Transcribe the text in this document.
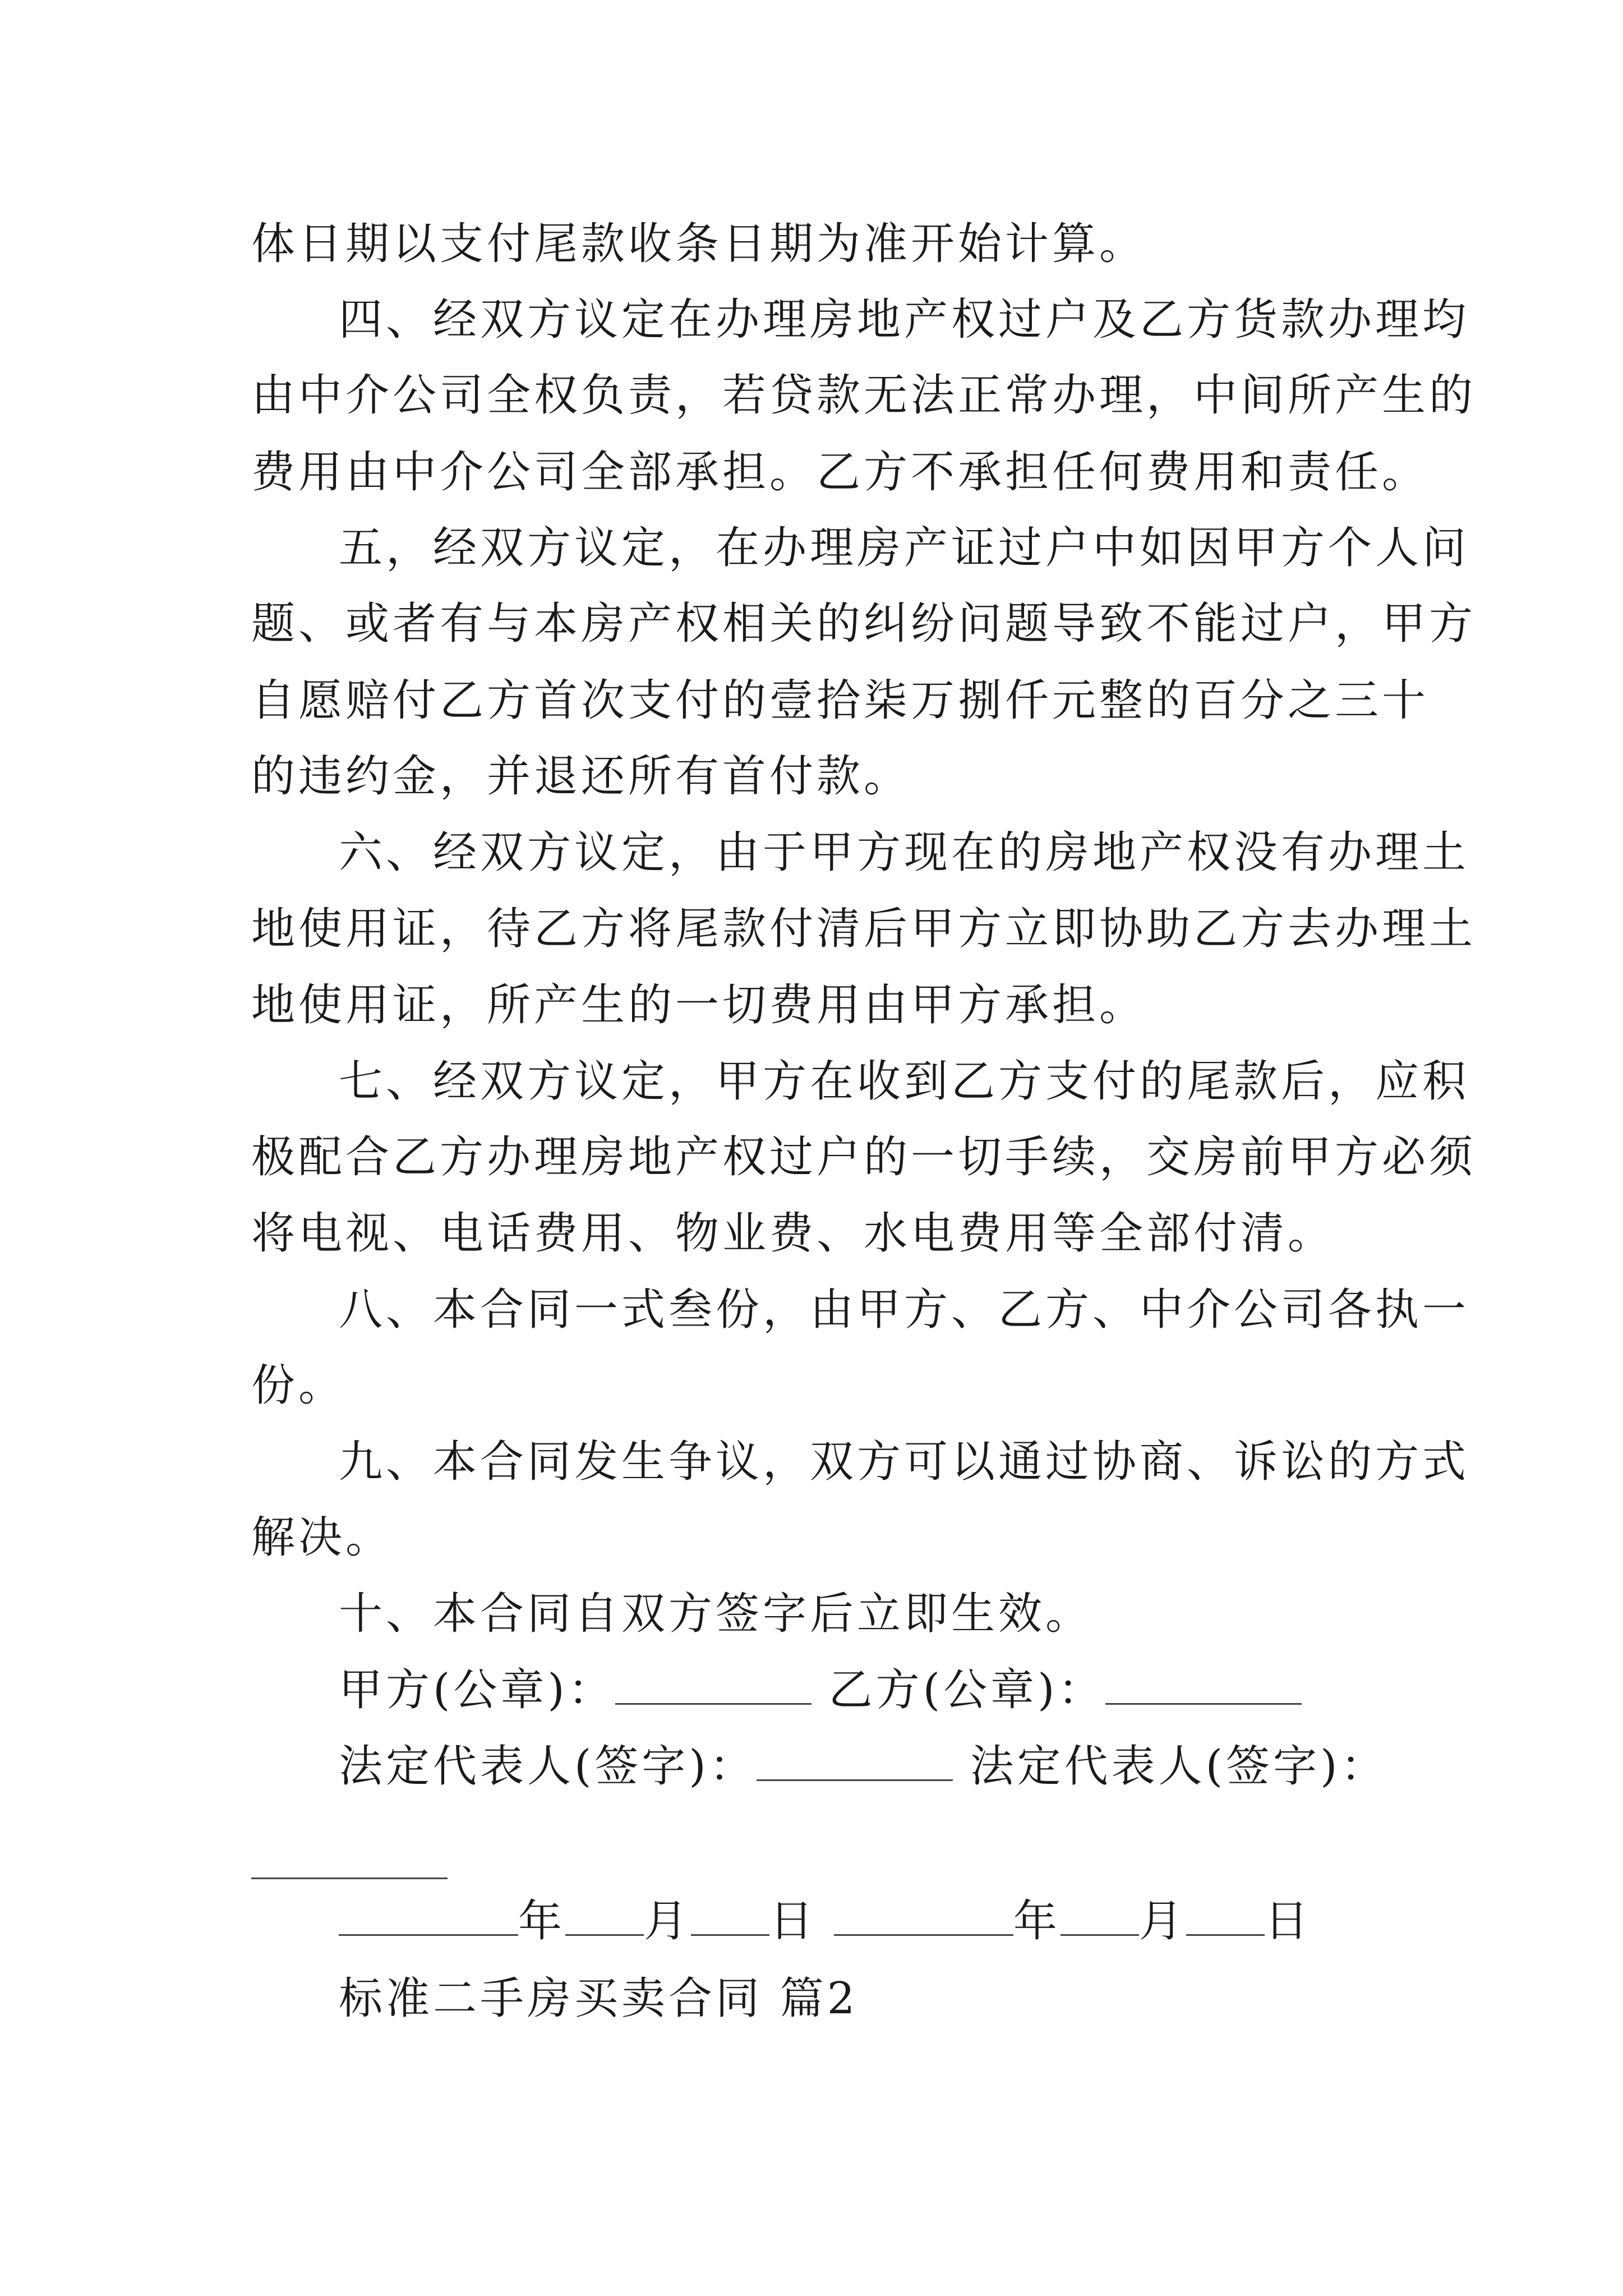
体日期以支付尾款收条日期为准开始计算。

四、经双方议定在办理房地产权过户及乙方货款办理均

由中介公司全权负责，若贷款无法正常办理，中间所产生的

费用由中介公司全部承担。乙方不承担任何费用和责任。

五，经双方议定，在办理房产证过户中如因甲方个人问

题、或者有与本房产权相关的纠纷问题导致不能过户，甲方

自愿赔付乙方首次支付的壹拾柒万捌仟元整的百分之三十

的违约金，并退还所有首付款。

六、经双方议定，由于甲方现在的房地产权没有办理土

地使用证，待乙方将尾款付清后甲方立即协助乙方去办理土

地使用证，所产生的一切费用由甲方承担。

七、经双方议定，甲方在收到乙方支付的尾款后，应积

极配合乙方办理房地产权过户的一切手续，交房前甲方必须

将电视、电话费用、物业费、水电费用等全部付清。

八、本合同一式叁份，由甲方、乙方、中介公司各执一

份。

九、本合同发生争议，双方可以通过协商、诉讼的方式

解决。

十、本合同自双方签字后立即生效。

甲方(公章)：	乙方(公章)：

法定代表人(签字)：	法定代表人(签字)：

年 月 日	年 月 日

标准二手房买卖合同 篇2
